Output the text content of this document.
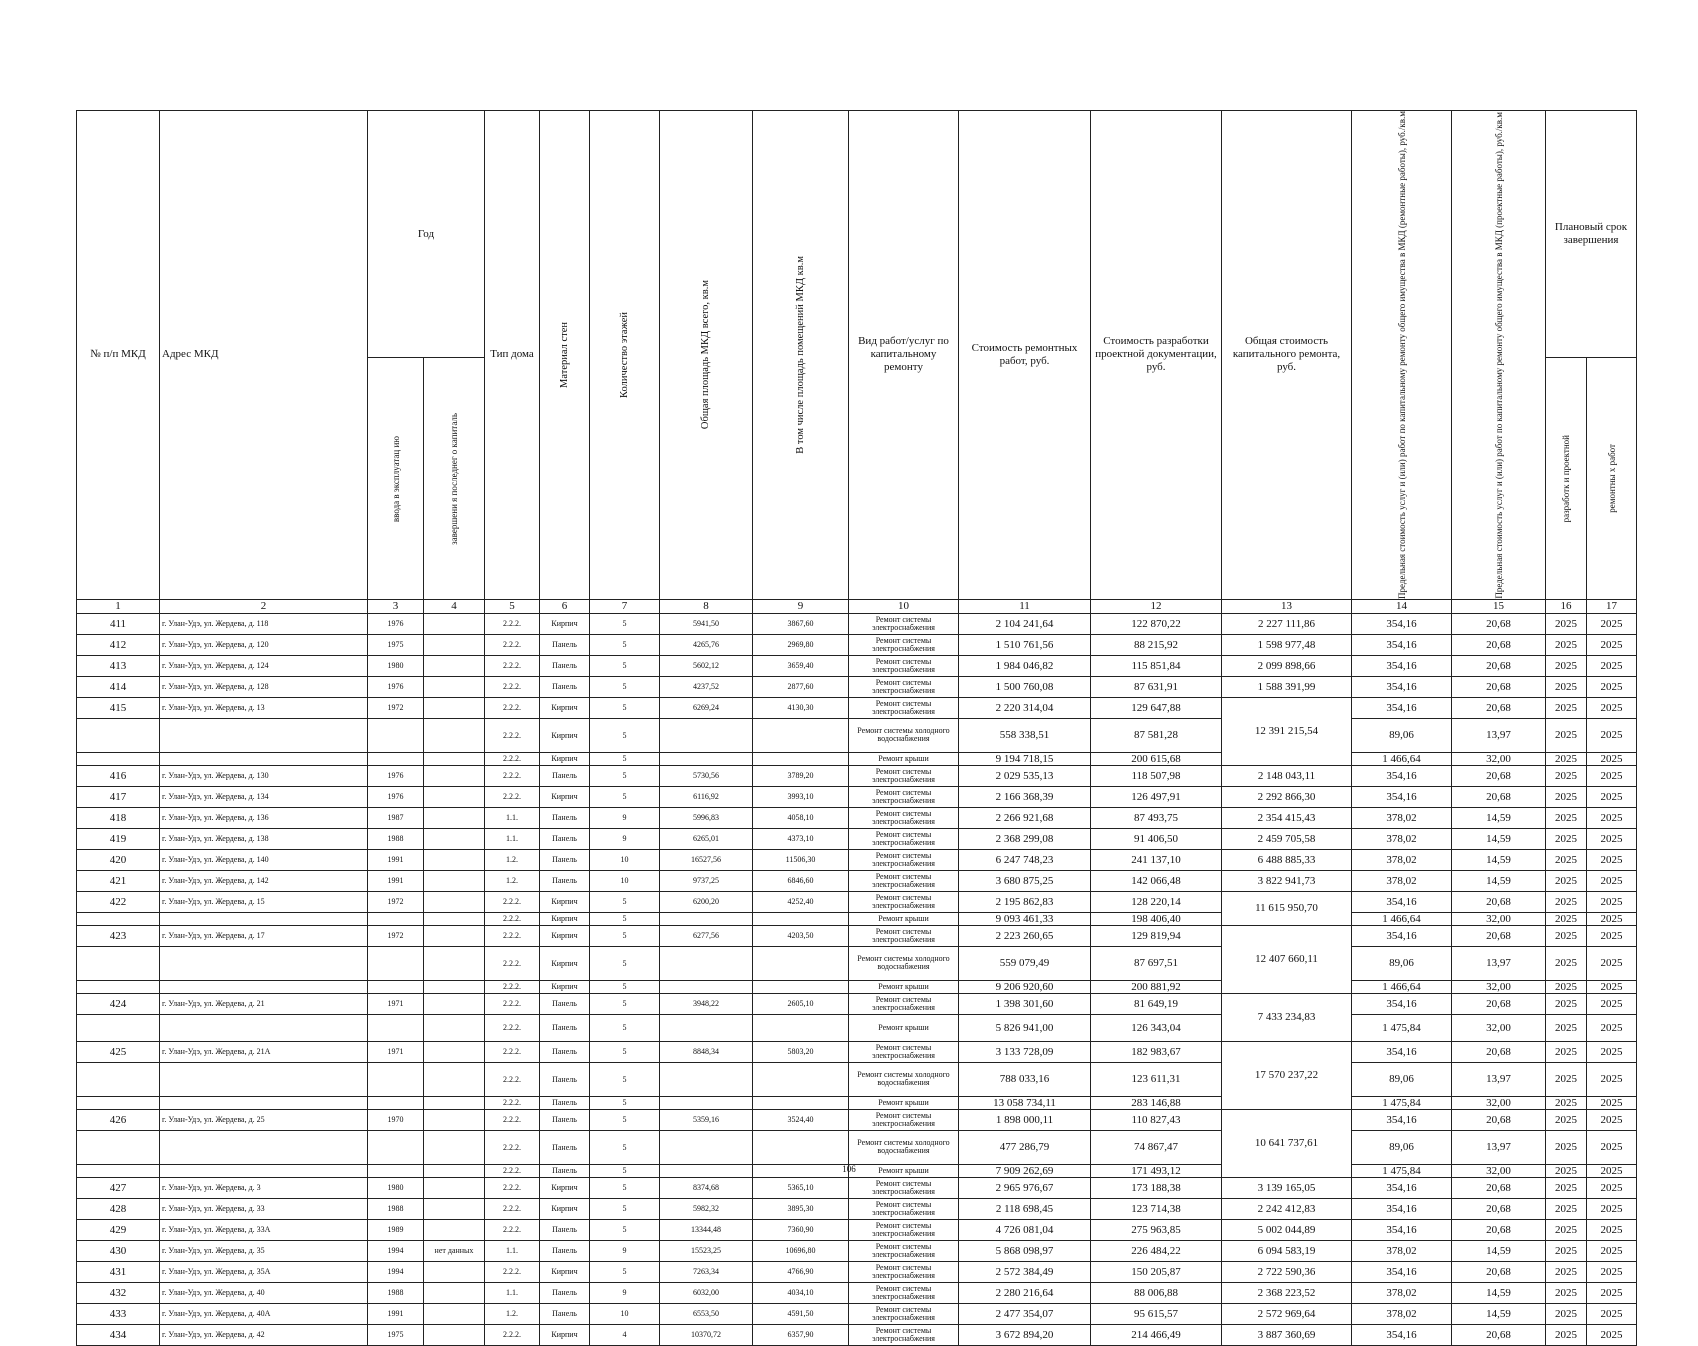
№ п/п МКД	Адрес МКД	Год		Тип дома	Материал стен	Количество этажей	Общая площадь МКД всего, кв.м	В том числе площадь помещений МКД кв.м	Вид работ/услуг по капитальному ремонту	Стоимость ремонтных работ, руб.	Стоимость разработки проектной документации, руб.	Общая стоимость капитального ремонта, руб.	Предельная стоимость услуг и (или) работ по капитальному ремонту общего имущества в МКД (ремонтные работы), руб./кв.м	Предельная стоимость услуг и (или) работ по капитальному ремонту общего имущества в МКД (проектные работы), руб./кв.м	Плановый срок завершения	

		ввода в эксплуатац ию	завершени я последнег о капиталь												разработк и проектной	ремонтны х работ

1	2	3	4	5	6	7	8	9	10	11	12	13	14	15	16	17
411	г. Улан-Удэ, ул. Жердева, д. 118	1976		2.2.2.	Кирпич	5	5941,50	3867,60	Ремонт системы электроснабжения	2 104 241,64	122 870,22	2 227 111,86	354,16	20,68	2025	2025
412	г. Улан-Удэ, ул. Жердева, д. 120	1975		2.2.2.	Панель	5	4265,76	2969,80	Ремонт системы электроснабжения	1 510 761,56	88 215,92	1 598 977,48	354,16	20,68	2025	2025
413	г. Улан-Удэ, ул. Жердева, д. 124	1980		2.2.2.	Панель	5	5602,12	3659,40	Ремонт системы электроснабжения	1 984 046,82	115 851,84	2 099 898,66	354,16	20,68	2025	2025
414	г. Улан-Удэ, ул. Жердева, д. 128	1976		2.2.2.	Панель	5	4237,52	2877,60	Ремонт системы электроснабжения	1 500 760,08	87 631,91	1 588 391,99	354,16	20,68	2025	2025
415	г. Улан-Удэ, ул. Жердева, д. 13	1972		2.2.2.	Кирпич	5	6269,24	4130,30	Ремонт системы электроснабжения	2 220 314,04	129 647,88	12 391 215,54	354,16	20,68	2025	2025
				2.2.2.	Кирпич	5			Ремонт системы холодного водоснабжения	558 338,51	87 581,28		89,06	13,97	2025	2025
				2.2.2.	Кирпич	5			Ремонт крыши	9 194 718,15	200 615,68		1 466,64	32,00	2025	2025
416	г. Улан-Удэ, ул. Жердева, д. 130	1976		2.2.2.	Панель	5	5730,56	3789,20	Ремонт системы электроснабжения	2 029 535,13	118 507,98	2 148 043,11	354,16	20,68	2025	2025
417	г. Улан-Удэ, ул. Жердева, д. 134	1976		2.2.2.	Кирпич	5	6116,92	3993,10	Ремонт системы электроснабжения	2 166 368,39	126 497,91	2 292 866,30	354,16	20,68	2025	2025
418	г. Улан-Удэ, ул. Жердева, д. 136	1987		1.1.	Панель	9	5996,83	4058,10	Ремонт системы электроснабжения	2 266 921,68	87 493,75	2 354 415,43	378,02	14,59	2025	2025
419	г. Улан-Удэ, ул. Жердева, д. 138	1988		1.1.	Панель	9	6265,01	4373,10	Ремонт системы электроснабжения	2 368 299,08	91 406,50	2 459 705,58	378,02	14,59	2025	2025
420	г. Улан-Удэ, ул. Жердева, д. 140	1991		1.2.	Панель	10	16527,56	11506,30	Ремонт системы электроснабжения	6 247 748,23	241 137,10	6 488 885,33	378,02	14,59	2025	2025
421	г. Улан-Удэ, ул. Жердева, д. 142	1991		1.2.	Панель	10	9737,25	6846,60	Ремонт системы электроснабжения	3 680 875,25	142 066,48	3 822 941,73	378,02	14,59	2025	2025
422	г. Улан-Удэ, ул. Жердева, д. 15	1972		2.2.2.	Кирпич	5	6200,20	4252,40	Ремонт системы электроснабжения	2 195 862,83	128 220,14	11 615 950,70	354,16	20,68	2025	2025
				2.2.2.	Кирпич	5			Ремонт крыши	9 093 461,33	198 406,40		1 466,64	32,00	2025	2025
423	г. Улан-Удэ, ул. Жердева, д. 17	1972		2.2.2.	Кирпич	5	6277,56	4203,50	Ремонт системы электроснабжения	2 223 260,65	129 819,94	12 407 660,11	354,16	20,68	2025	2025
				2.2.2.	Кирпич	5			Ремонт системы холодного водоснабжения	559 079,49	87 697,51		89,06	13,97	2025	2025
				2.2.2.	Кирпич	5			Ремонт крыши	9 206 920,60	200 881,92		1 466,64	32,00	2025	2025
424	г. Улан-Удэ, ул. Жердева, д. 21	1971		2.2.2.	Панель	5	3948,22	2605,10	Ремонт системы электроснабжения	1 398 301,60	81 649,19	7 433 234,83	354,16	20,68	2025	2025
				2.2.2.	Панель	5			Ремонт крыши	5 826 941,00	126 343,04		1 475,84	32,00	2025	2025
425	г. Улан-Удэ, ул. Жердева, д. 21А	1971		2.2.2.	Панель	5	8848,34	5803,20	Ремонт системы электроснабжения	3 133 728,09	182 983,67	17 570 237,22	354,16	20,68	2025	2025
				2.2.2.	Панель	5			Ремонт системы холодного водоснабжения	788 033,16	123 611,31		89,06	13,97	2025	2025
				2.2.2.	Панель	5			Ремонт крыши	13 058 734,11	283 146,88		1 475,84	32,00	2025	2025
426	г. Улан-Удэ, ул. Жердева, д. 25	1970		2.2.2.	Панель	5	5359,16	3524,40	Ремонт системы электроснабжения	1 898 000,11	110 827,43	10 641 737,61	354,16	20,68	2025	2025
				2.2.2.	Панель	5			Ремонт системы холодного водоснабжения	477 286,79	74 867,47		89,06	13,97	2025	2025
				2.2.2.	Панель	5			Ремонт крыши	7 909 262,69	171 493,12		1 475,84	32,00	2025	2025
427	г. Улан-Удэ, ул. Жердева, д. 3	1980		2.2.2.	Кирпич	5	8374,68	5365,10	Ремонт системы электроснабжения	2 965 976,67	173 188,38	3 139 165,05	354,16	20,68	2025	2025
428	г. Улан-Удэ, ул. Жердева, д. 33	1988		2.2.2.	Кирпич	5	5982,32	3895,30	Ремонт системы электроснабжения	2 118 698,45	123 714,38	2 242 412,83	354,16	20,68	2025	2025
429	г. Улан-Удэ, ул. Жердева, д. 33А	1989		2.2.2.	Панель	5	13344,48	7360,90	Ремонт системы электроснабжения	4 726 081,04	275 963,85	5 002 044,89	354,16	20,68	2025	2025
430	г. Улан-Удэ, ул. Жердева, д. 35	1994	нет данных	1.1.	Панель	9	15523,25	10696,80	Ремонт системы электроснабжения	5 868 098,97	226 484,22	6 094 583,19	378,02	14,59	2025	2025
431	г. Улан-Удэ, ул. Жердева, д. 35А	1994		2.2.2.	Кирпич	5	7263,34	4766,90	Ремонт системы электроснабжения	2 572 384,49	150 205,87	2 722 590,36	354,16	20,68	2025	2025
432	г. Улан-Удэ, ул. Жердева, д. 40	1988		1.1.	Панель	9	6032,00	4034,10	Ремонт системы электроснабжения	2 280 216,64	88 006,88	2 368 223,52	378,02	14,59	2025	2025
433	г. Улан-Удэ, ул. Жердева, д. 40А	1991		1.2.	Панель	10	6553,50	4591,50	Ремонт системы электроснабжения	2 477 354,07	95 615,57	2 572 969,64	378,02	14,59	2025	2025
434	г. Улан-Удэ, ул. Жердева, д. 42	1975		2.2.2.	Кирпич	4	10370,72	6357,90	Ремонт системы электроснабжения	3 672 894,20	214 466,49	3 887 360,69	354,16	20,68	2025	2025
106
